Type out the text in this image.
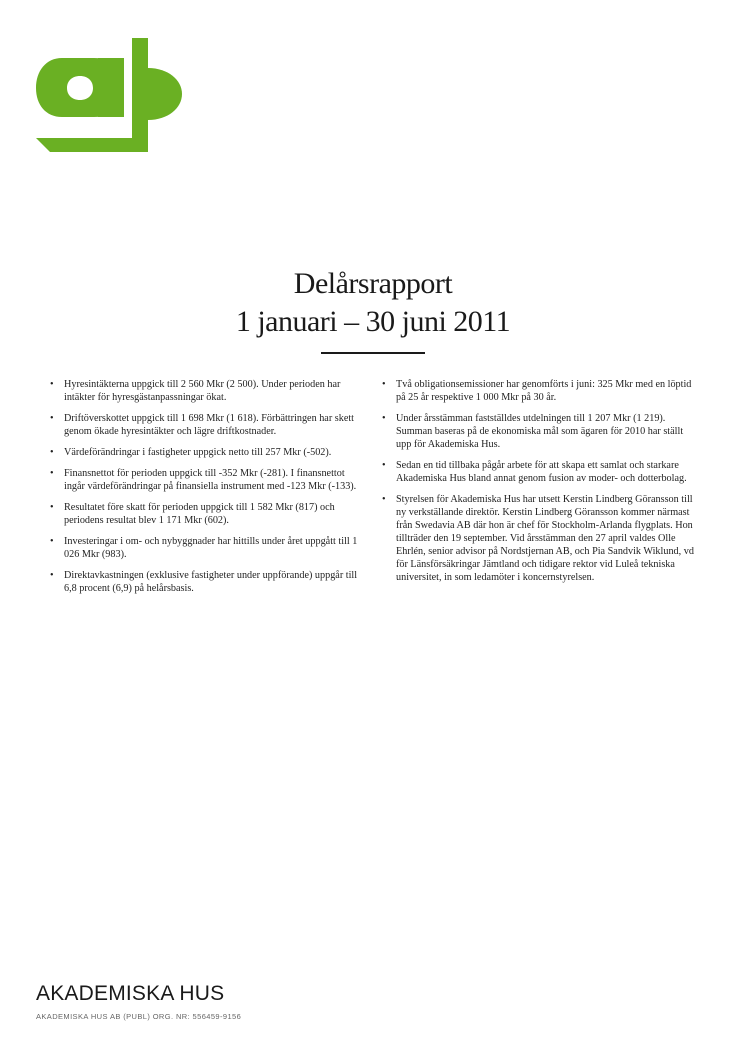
Delårsrapport
1 januari – 30 juni 2011
• Hyresintäkterna uppgick till 2 560 Mkr (2 500). Under perioden har intäkter för hyresgästanpassningar ökat.
• Driftöverskottet uppgick till 1 698 Mkr (1 618). Förbättringen har skett genom ökade hyresintäkter och lägre driftkostnader.
• Värdeförändringar i fastigheter uppgick netto till 257 Mkr (-502).
• Finansnettot för perioden uppgick till -352 Mkr (-281). I finansnettot ingår värdeförändringar på finansiella instrument med -123 Mkr (-133).
• Resultatet före skatt för perioden uppgick till 1 582 Mkr (817) och periodens resultat blev 1 171 Mkr (602).
• Investeringar i om- och nybyggnader har hittills under året uppgått till 1 026 Mkr (983).
• Direktavkastningen (exklusive fastigheter under uppförande) uppgår till 6,8 procent (6,9) på helårsbasis.
• Två obligationsemissioner har genomförts i juni: 325 Mkr med en löptid på 25 år respektive 1 000 Mkr på 30 år.
• Under årsstämman fastställdes utdelningen till 1 207 Mkr (1 219). Summan baseras på de ekonomiska mål som ägaren för 2010 har ställt upp för Akademiska Hus.
• Sedan en tid tillbaka pågår arbete för att skapa ett samlat och starkare Akademiska Hus bland annat genom fusion av moder- och dotterbolag.
• Styrelsen för Akademiska Hus har utsett Kerstin Lindberg Göransson till ny verkställande direktör. Kerstin Lindberg Göransson kommer närmast från Swedavia AB där hon är chef för Stockholm-Arlanda flygplats. Hon tillträder den 19 september. Vid årsstämman den 27 april valdes Olle Ehrlén, senior advisor på Nordstjernan AB, och Pia Sandvik Wiklund, vd för Länsförsäkringar Jämtland och tidigare rektor vid Luleå tekniska universitet, in som ledamöter i koncernstyrelsen.
AKADEMISKA HUS
AKADEMISKA HUS AB (PUBL) ORG. NR: 556459-9156
